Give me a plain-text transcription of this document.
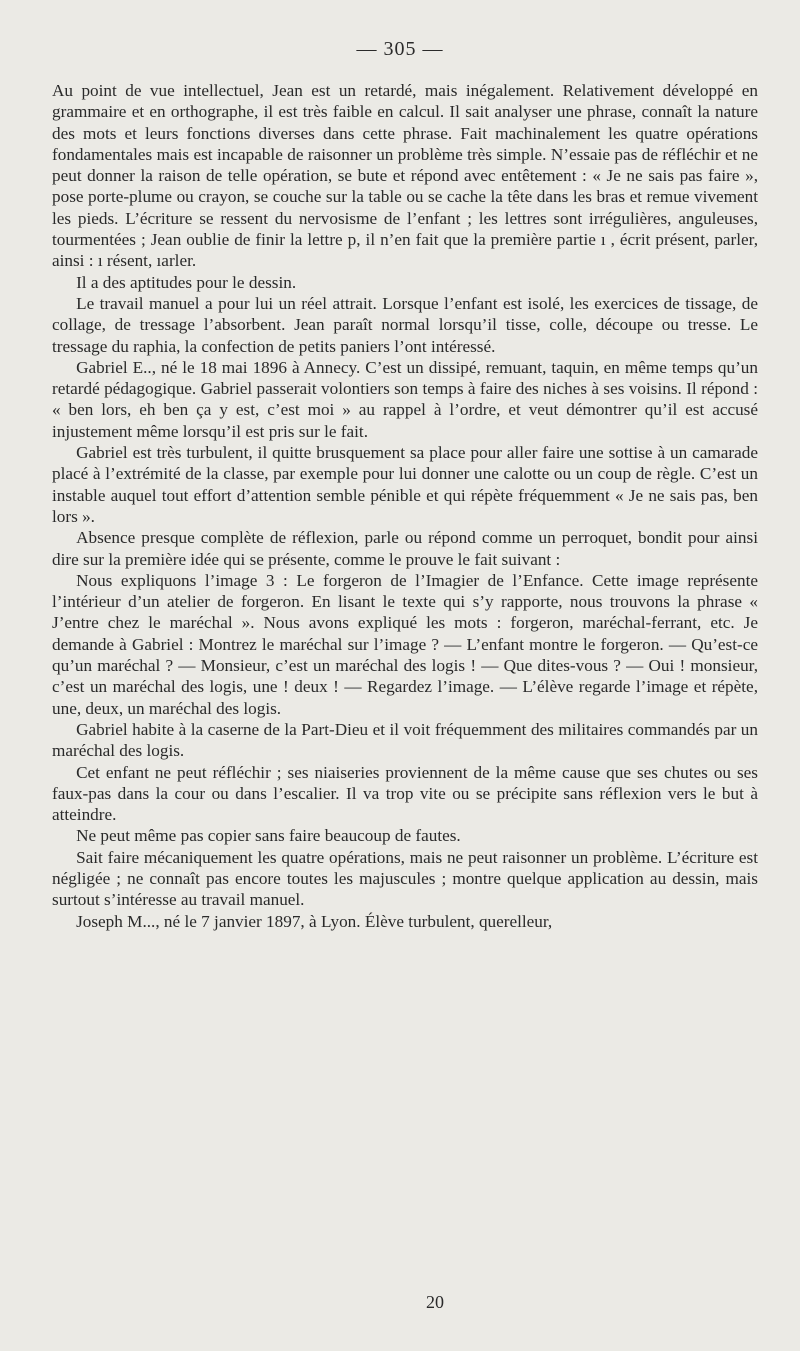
— 305 —

Au point de vue intellectuel, Jean est un retardé, mais inégalement. Relativement développé en grammaire et en orthographe, il est très faible en calcul. Il sait analyser une phrase, connaît la nature des mots et leurs fonctions diverses dans cette phrase. Fait machinalement les quatre opérations fondamentales mais est incapable de raisonner un problème très simple. N’essaie pas de réfléchir et ne peut donner la raison de telle opération, se bute et répond avec entêtement : « Je ne sais pas faire », pose porte-plume ou crayon, se couche sur la table ou se cache la tête dans les bras et remue vivement les pieds. L’écriture se ressent du nervosisme de l’enfant ; les lettres sont irrégulières, anguleuses, tourmentées ; Jean oublie de finir la lettre p, il n’en fait que la première partie ı , écrit présent, parler, ainsi : ı résent, ıarler.

Il a des aptitudes pour le dessin.

Le travail manuel a pour lui un réel attrait. Lorsque l’enfant est isolé, les exercices de tissage, de collage, de tressage l’absorbent. Jean paraît normal lorsqu’il tisse, colle, découpe ou tresse. Le tressage du raphia, la confection de petits paniers l’ont intéressé.

Gabriel E.., né le 18 mai 1896 à Annecy. C’est un dissipé, remuant, taquin, en même temps qu’un retardé pédagogique. Gabriel passerait volontiers son temps à faire des niches à ses voisins. Il répond : « ben lors, eh ben ça y est, c’est moi » au rappel à l’ordre, et veut démontrer qu’il est accusé injustement même lorsqu’il est pris sur le fait.

Gabriel est très turbulent, il quitte brusquement sa place pour aller faire une sottise à un camarade placé à l’extrémité de la classe, par exemple pour lui donner une calotte ou un coup de règle. C’est un instable auquel tout effort d’attention semble pénible et qui répète fréquemment « Je ne sais pas, ben lors ».

Absence presque complète de réflexion, parle ou répond comme un perroquet, bondit pour ainsi dire sur la première idée qui se présente, comme le prouve le fait suivant :

Nous expliquons l’image 3 : Le forgeron de l’Imagier de l’Enfance. Cette image représente l’intérieur d’un atelier de forgeron. En lisant le texte qui s’y rapporte, nous trouvons la phrase « J’entre chez le maréchal ». Nous avons expliqué les mots : forgeron, maréchal-ferrant, etc. Je demande à Gabriel : Montrez le maréchal sur l’image ? — L’enfant montre le forgeron. — Qu’est-ce qu’un maréchal ? — Monsieur, c’est un maréchal des logis ! — Que dites-vous ? — Oui ! monsieur, c’est un maréchal des logis, une ! deux ! — Regardez l’image. — L’élève regarde l’image et répète, une, deux, un maréchal des logis.

Gabriel habite à la caserne de la Part-Dieu et il voit fréquemment des militaires commandés par un maréchal des logis.

Cet enfant ne peut réfléchir ; ses niaiseries proviennent de la même cause que ses chutes ou ses faux-pas dans la cour ou dans l’escalier. Il va trop vite ou se précipite sans réflexion vers le but à atteindre.

Ne peut même pas copier sans faire beaucoup de fautes.

Sait faire mécaniquement les quatre opérations, mais ne peut raisonner un problème. L’écriture est négligée ; ne connaît pas encore toutes les majuscules ; montre quelque application au dessin, mais surtout s’intéresse au travail manuel.

Joseph M..., né le 7 janvier 1897, à Lyon. Élève turbulent, querelleur,

20
